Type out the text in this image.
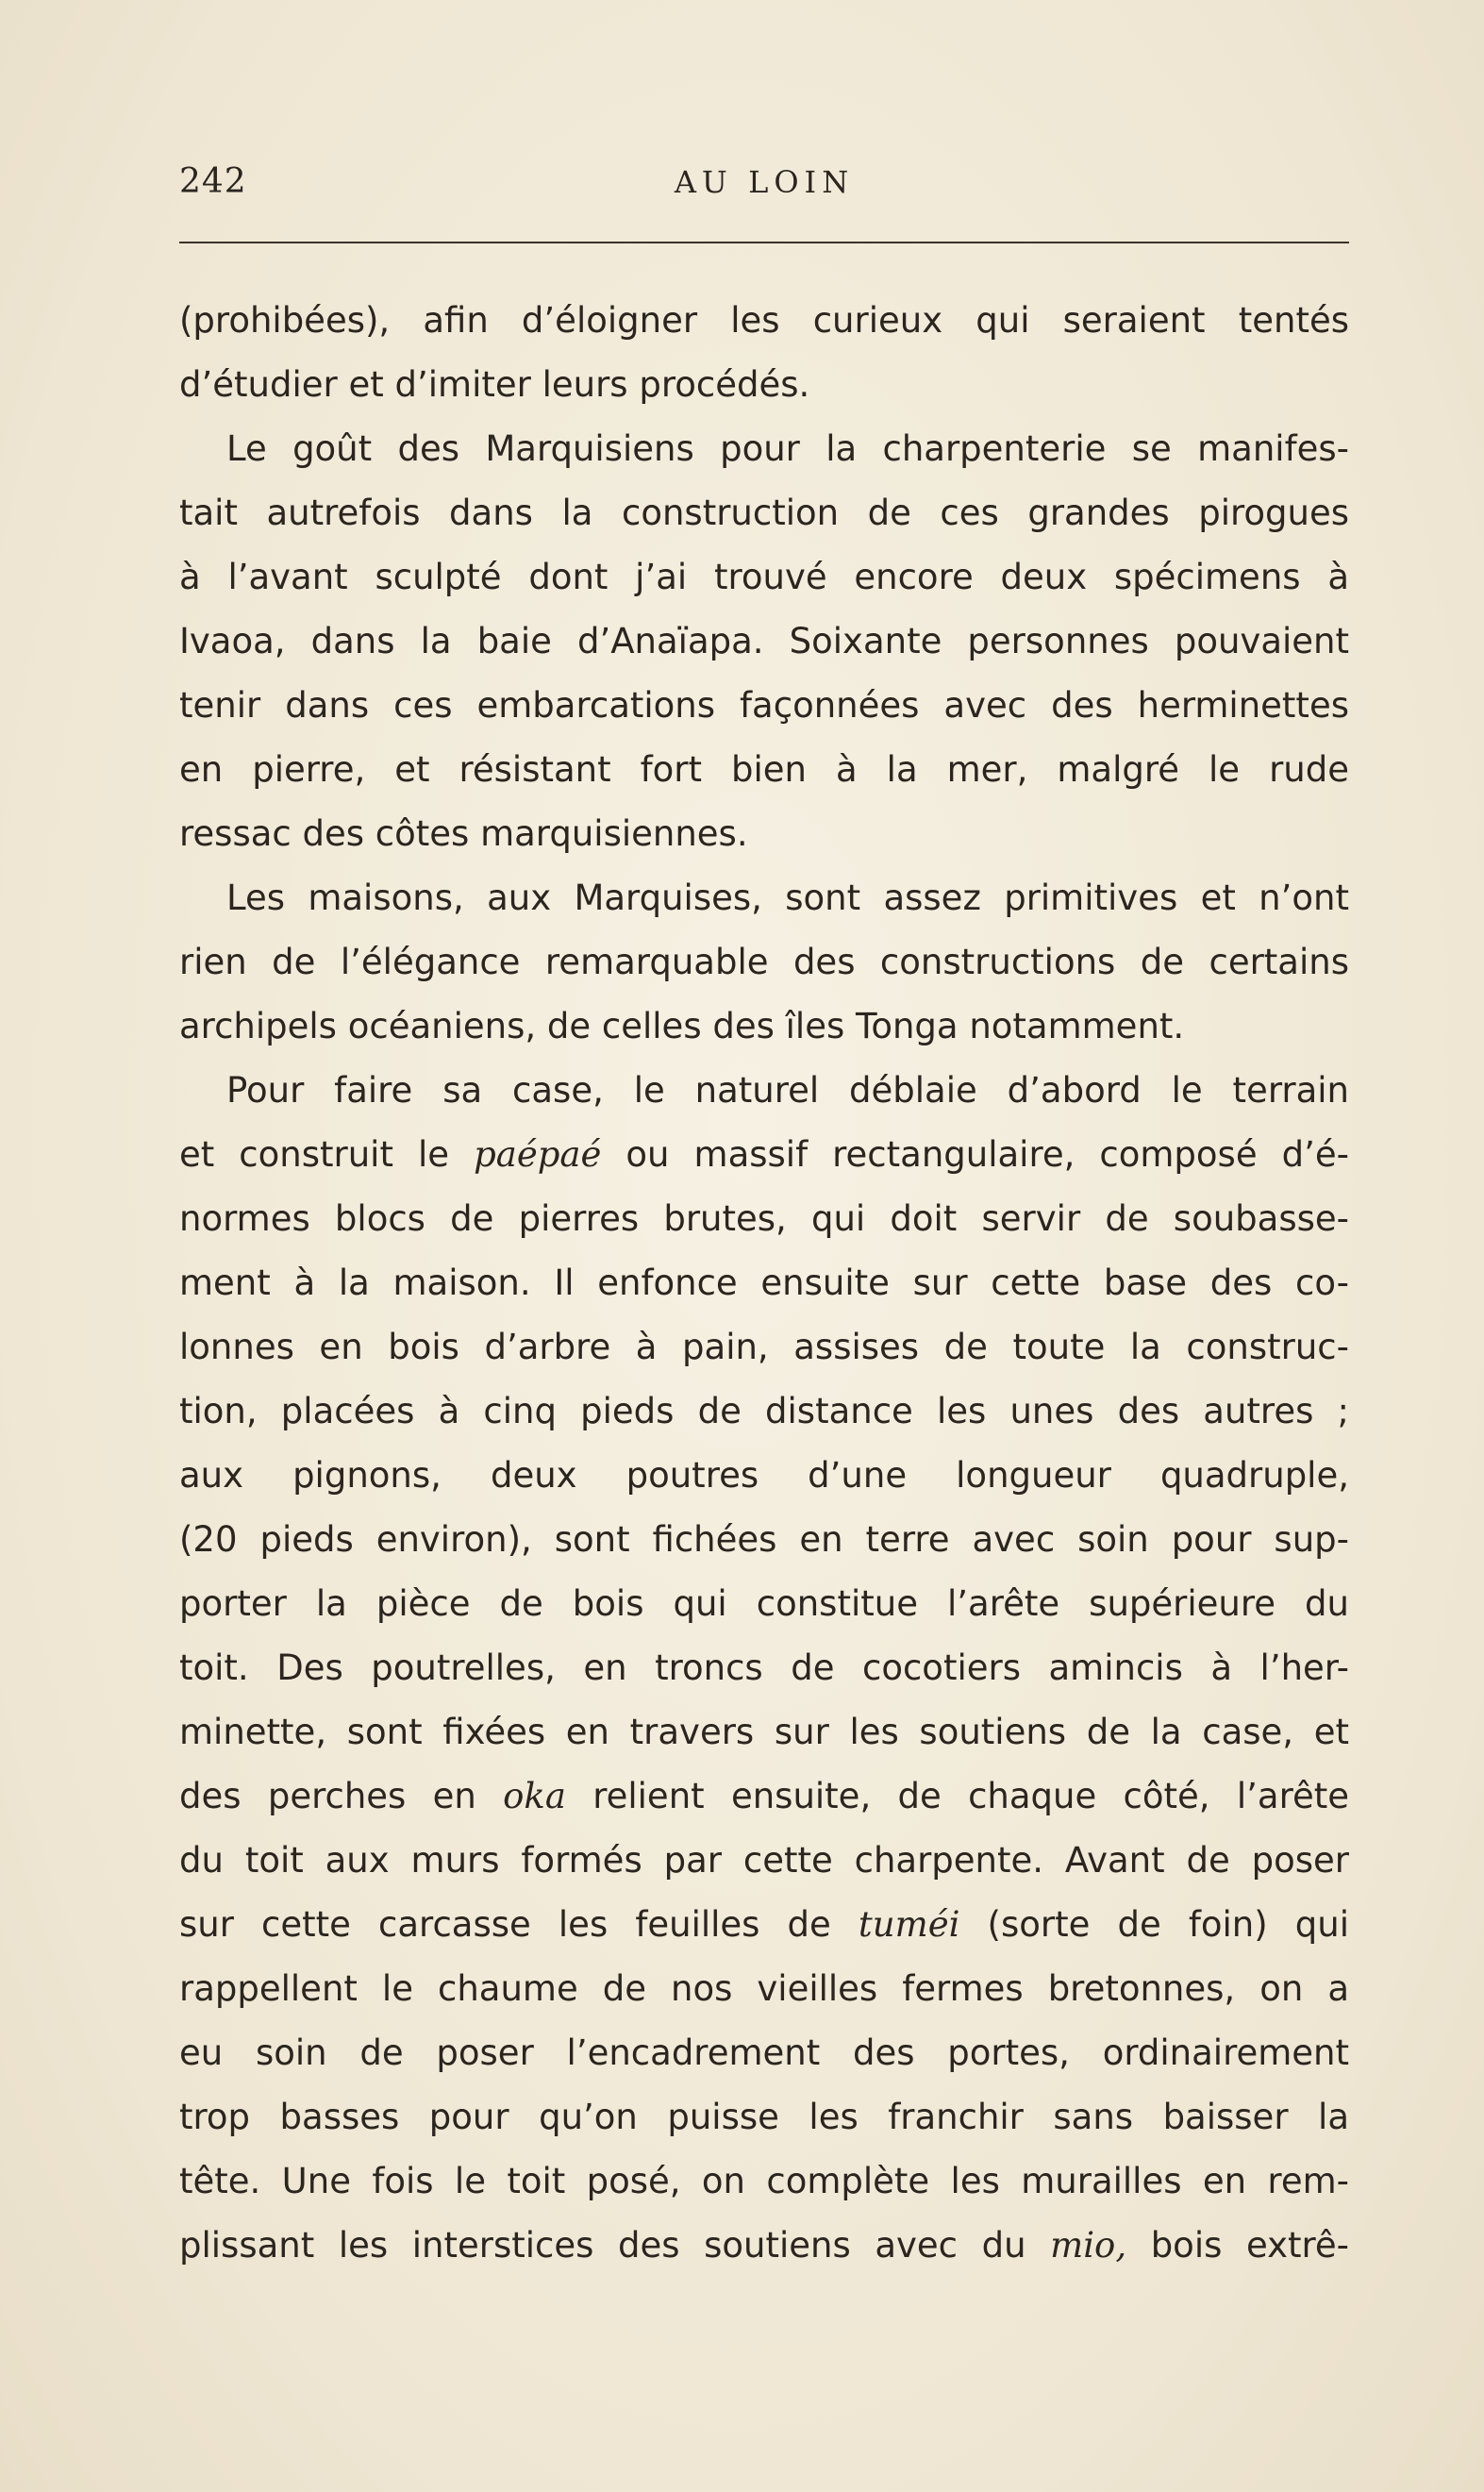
242	AU LOIN
(prohibées), afin d’éloigner les curieux qui seraient tentés
d’étudier et d’imiter leurs procédés.
Le goût des Marquisiens pour la charpenterie se manifes-
tait autrefois dans la construction de ces grandes pirogues
à l’avant sculpté dont j’ai trouvé encore deux spécimens à
Ivaoa, dans la baie d’Anaïapa. Soixante personnes pouvaient
tenir dans ces embarcations façonnées avec des herminettes
en pierre, et résistant fort bien à la mer, malgré le rude
ressac des côtes marquisiennes.
Les maisons, aux Marquises, sont assez primitives et n’ont
rien de l’élégance remarquable des constructions de certains
archipels océaniens, de celles des îles Tonga notamment.
Pour faire sa case, le naturel déblaie d’abord le terrain
et construit le paépaé ou massif rectangulaire, composé d’é-
normes blocs de pierres brutes, qui doit servir de soubasse-
ment à la maison. Il enfonce ensuite sur cette base des co-
lonnes en bois d’arbre à pain, assises de toute la construc-
tion, placées à cinq pieds de distance les unes des autres ;
aux pignons, deux poutres d’une longueur quadruple,
(20 pieds environ), sont fichées en terre avec soin pour sup-
porter la pièce de bois qui constitue l’arête supérieure du
toit. Des poutrelles, en troncs de cocotiers amincis à l’her-
minette, sont fixées en travers sur les soutiens de la case, et
des perches en oka relient ensuite, de chaque côté, l’arête
du toit aux murs formés par cette charpente. Avant de poser
sur cette carcasse les feuilles de tuméi (sorte de foin) qui
rappellent le chaume de nos vieilles fermes bretonnes, on a
eu soin de poser l’encadrement des portes, ordinairement
trop basses pour qu’on puisse les franchir sans baisser la
tête. Une fois le toit posé, on complète les murailles en rem-
plissant les interstices des soutiens avec du mio, bois extrê-
